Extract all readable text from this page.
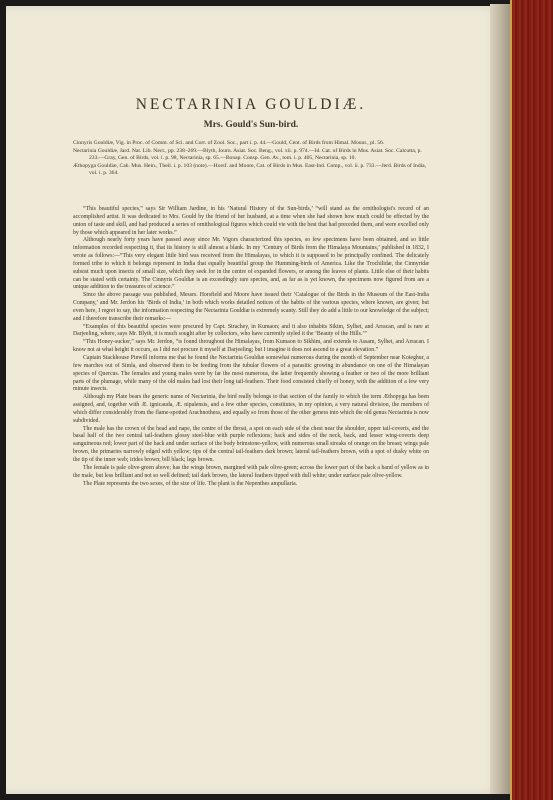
NECTARINIA GOULDIÆ.
Mrs. Gould's Sun-bird.

Cinnyris Gouldiæ, Vig. in Proc. of Comm. of Sci. and Corr. of Zool. Soc., part i. p. 44.—Gould, Cent. of Birds from Himal. Mount., pl. 56.

Nectarinia Gouldiæ, Jard. Nat. Lib. Nect., pp. 238–269.—Blyth, Journ. Asiat. Soc. Beng., vol. xii. p. 974.—Id. Cat. of Birds in Mus. Asiat. Soc. Calcutta, p. 233.—Gray, Gen. of Birds, vol. i. p. 98, Nectarinia, sp. 65.—Bonap. Consp. Gen. Av., tom. i. p. 405, Nectarinia, sp. 10.

Æthopyga Gouldiæ, Cab. Mus. Hein., Theil. i. p. 103 (note).—Horsf. and Moore, Cat. of Birds in Mus. East-Ind. Comp., vol. ii. p. 733.—Jerd. Birds of India, vol. i. p. 364.

“This beautiful species,” says Sir William Jardine, in his ‘Natural History of the Sun-birds,’ “will stand as the ornithologist's record of an accomplished artist. It was dedicated to Mrs. Gould by the friend of her husband, at a time when she had shown how much could be effected by the union of taste and skill, and had produced a series of ornithological figures which could vie with the best that had preceded them, and were excelled only by those which appeared in her later works.”

Although nearly forty years have passed away since Mr. Vigors characterized this species, so few specimens have been obtained, and so little information recorded respecting it, that its history is still almost a blank. In my ‘Century of Birds from the Himalaya Mountains,’ published in 1832, I wrote as follows:—“This very elegant little bird was received from the Himalayas, to which it is supposed to be principally confined. The delicately formed tribe to which it belongs represent in India that equally beautiful group the Humming-birds of America. Like the Trochilidæ, the Cinnyridæ subsist much upon insects of small size, which they seek for in the centre of expanded flowers, or among the leaves of plants. Little else of their habits can be stated with certainty. The Cinnyris Gouldiæ is an exceedingly rare species, and, as far as is yet known, the specimens now figured from are a unique addition to the treasures of science.”

Since the above passage was published, Messrs. Horsfield and Moore have issued their ‘Catalogue of the Birds in the Museum of the East-India Company,’ and Mr. Jerdon his ‘Birds of India,’ in both which works detailed notices of the habits of the various species, where known, are given; but even here, I regret to say, the information respecting the Nectarinia Gouldiæ is extremely scanty. Still they do add a little to our knowledge of the subject; and I therefore transcribe their remarks:—

“Examples of this beautiful species were procured by Capt. Strachey, in Kumaon; and it also inhabits Sikim, Sylhet, and Arracan, and is rare at Darjeeling, where, says Mr. Blyth, it is much sought after by collectors, who have currently styled it the ‘Beauty of the Hills.’”

“This Honey-sucker,” says Mr. Jerdon, “is found throughout the Himalayas, from Kumaon to Sikhim, and extends to Assam, Sylhet, and Arracan. I know not at what height it occurs, as I did not procure it myself at Darjeeling; but I imagine it does not ascend to a great elevation.”

Captain Stackhouse Pinwill informs me that he found the Nectarinia Gouldiæ somewhat numerous during the month of September near Koteghur, a few marches out of Simla, and observed them to be feeding from the tubular flowers of a parasitic growing in abundance on one of the Himalayan species of Quercus. The females and young males were by far the most numerous, the latter frequently showing a feather or two of the more brilliant parts of the plumage, while many of the old males had lost their long tail-feathers. Their food consisted chiefly of honey, with the addition of a few very minute insects.

Although my Plate bears the generic name of Nectarinia, the bird really belongs to that section of the family to which the term Æthopyga has been assigned, and, together with Æ. ignicauda, Æ. nipalensis, and a few other species, constitutes, in my opinion, a very natural division, the members of which differ considerably from the flame-spotted Arachnothera, and equally so from those of the other genera into which the old genus Nectarinia is now subdivided.

The male has the crown of the head and nape, the centre of the throat, a spot on each side of the chest near the shoulder, upper tail-coverts, and the basal half of the two central tail-feathers glossy steel-blue with purple reflexions; back and sides of the neck, back, and lesser wing-coverts deep sanguineous red; lower part of the back and under surface of the body brimstone-yellow, with numerous small streaks of orange on the breast; wings pale brown, the primaries narrowly edged with yellow; tips of the central tail-feathers dark brown; lateral tail-feathers brown, with a spot of dusky white on the tip of the inner web; irides brown; bill black; legs brown.

The female is pale olive-green above; has the wings brown, margined with pale olive-green; across the lower part of the back a band of yellow as in the male, but less brilliant and not so well defined; tail dark brown, the lateral feathers tipped with dull white; under surface pale olive-yellow.

The Plate represents the two sexes, of the size of life. The plant is the Nepenthes ampullaria.
